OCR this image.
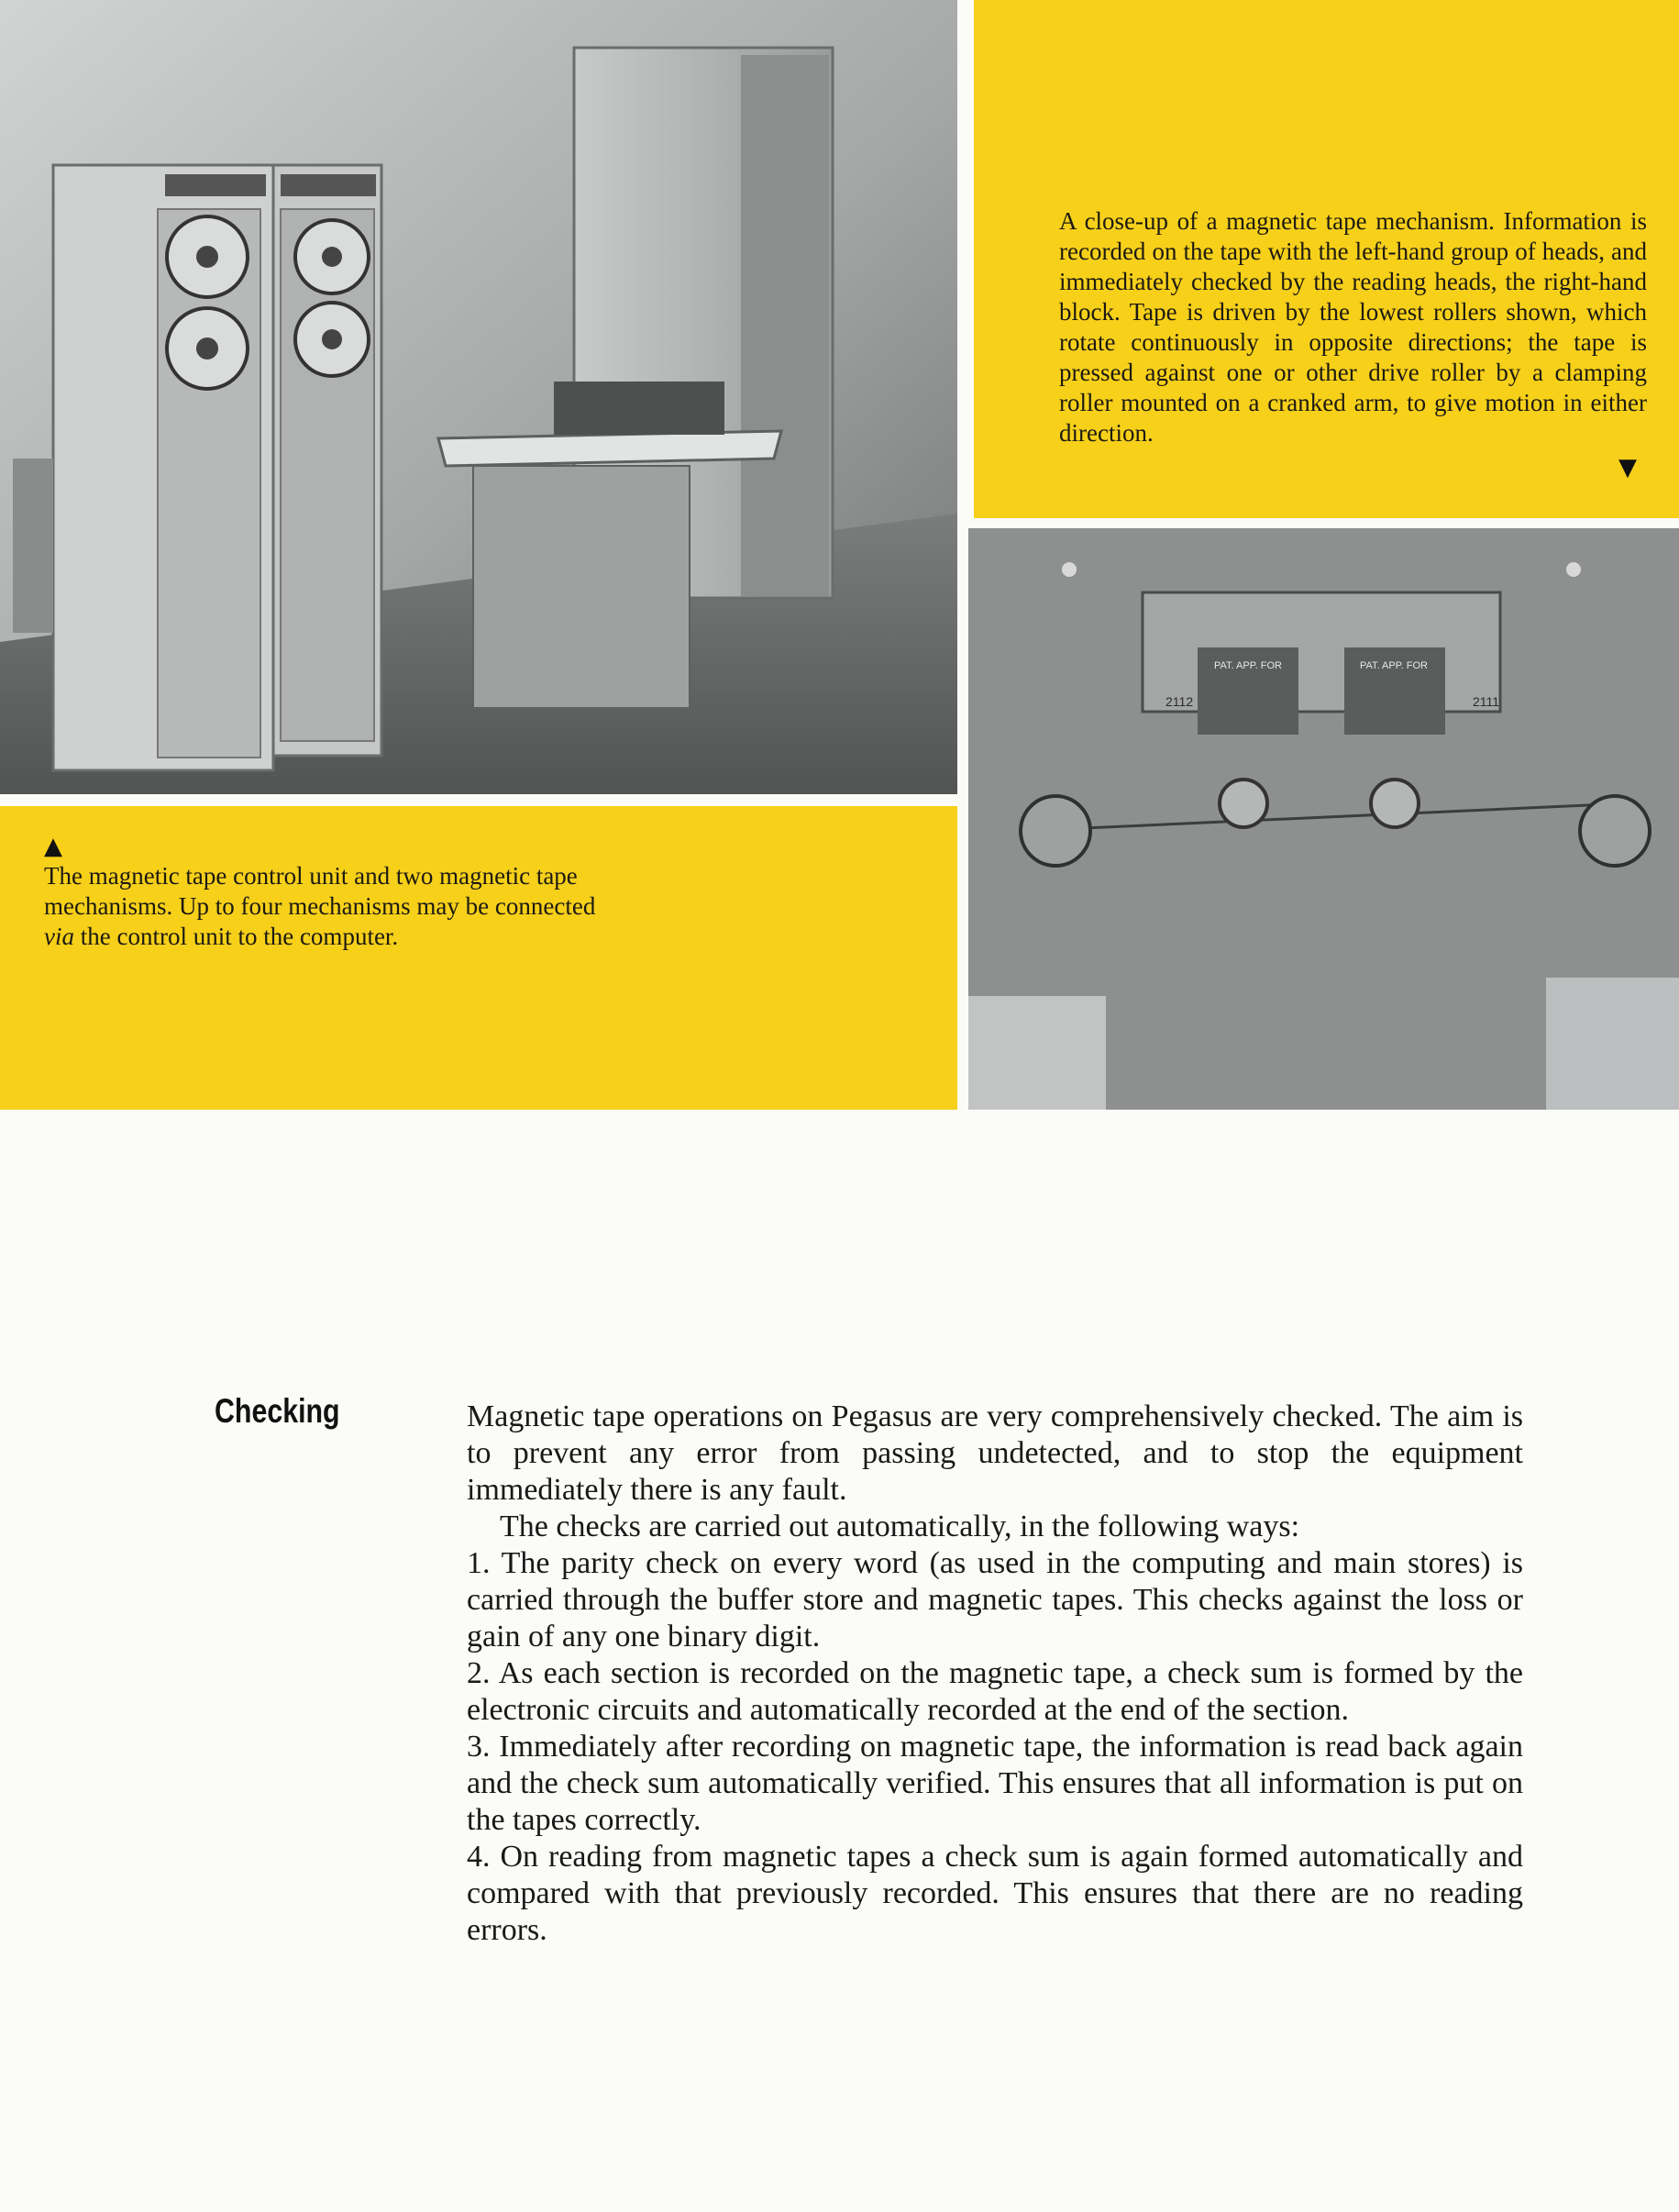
A close-up of a magnetic tape mechanism. Information is recorded on the tape with the left-hand group of heads, and immediately checked by the reading heads, the right-hand block. Tape is driven by the lowest rollers shown, which rotate continuously in opposite directions; the tape is pressed against one or other drive roller by a clamping roller mounted on a cranked arm, to give motion in either direction.

▼
PAT. APP. FOR	PAT. APP. FOR
2112	2111
▲

The magnetic tape control unit and two magnetic tape mechanisms. Up to four mechanisms may be connected via the control unit to the computer.

Checking	Magnetic tape operations on Pegasus are very comprehensively checked. The aim is to prevent any error from passing undetected, and to stop the equipment immediately there is any fault.

The checks are carried out automatically, in the following ways:

1. The parity check on every word (as used in the computing and main stores) is carried through the buffer store and magnetic tapes. This checks against the loss or gain of any one binary digit.

2. As each section is recorded on the magnetic tape, a check sum is formed by the electronic circuits and automatically recorded at the end of the section.

3. Immediately after recording on magnetic tape, the information is read back again and the check sum automatically verified. This ensures that all information is put on the tapes correctly.

4. On reading from magnetic tapes a check sum is again formed automatically and compared with that previously recorded. This ensures that there are no reading errors.
